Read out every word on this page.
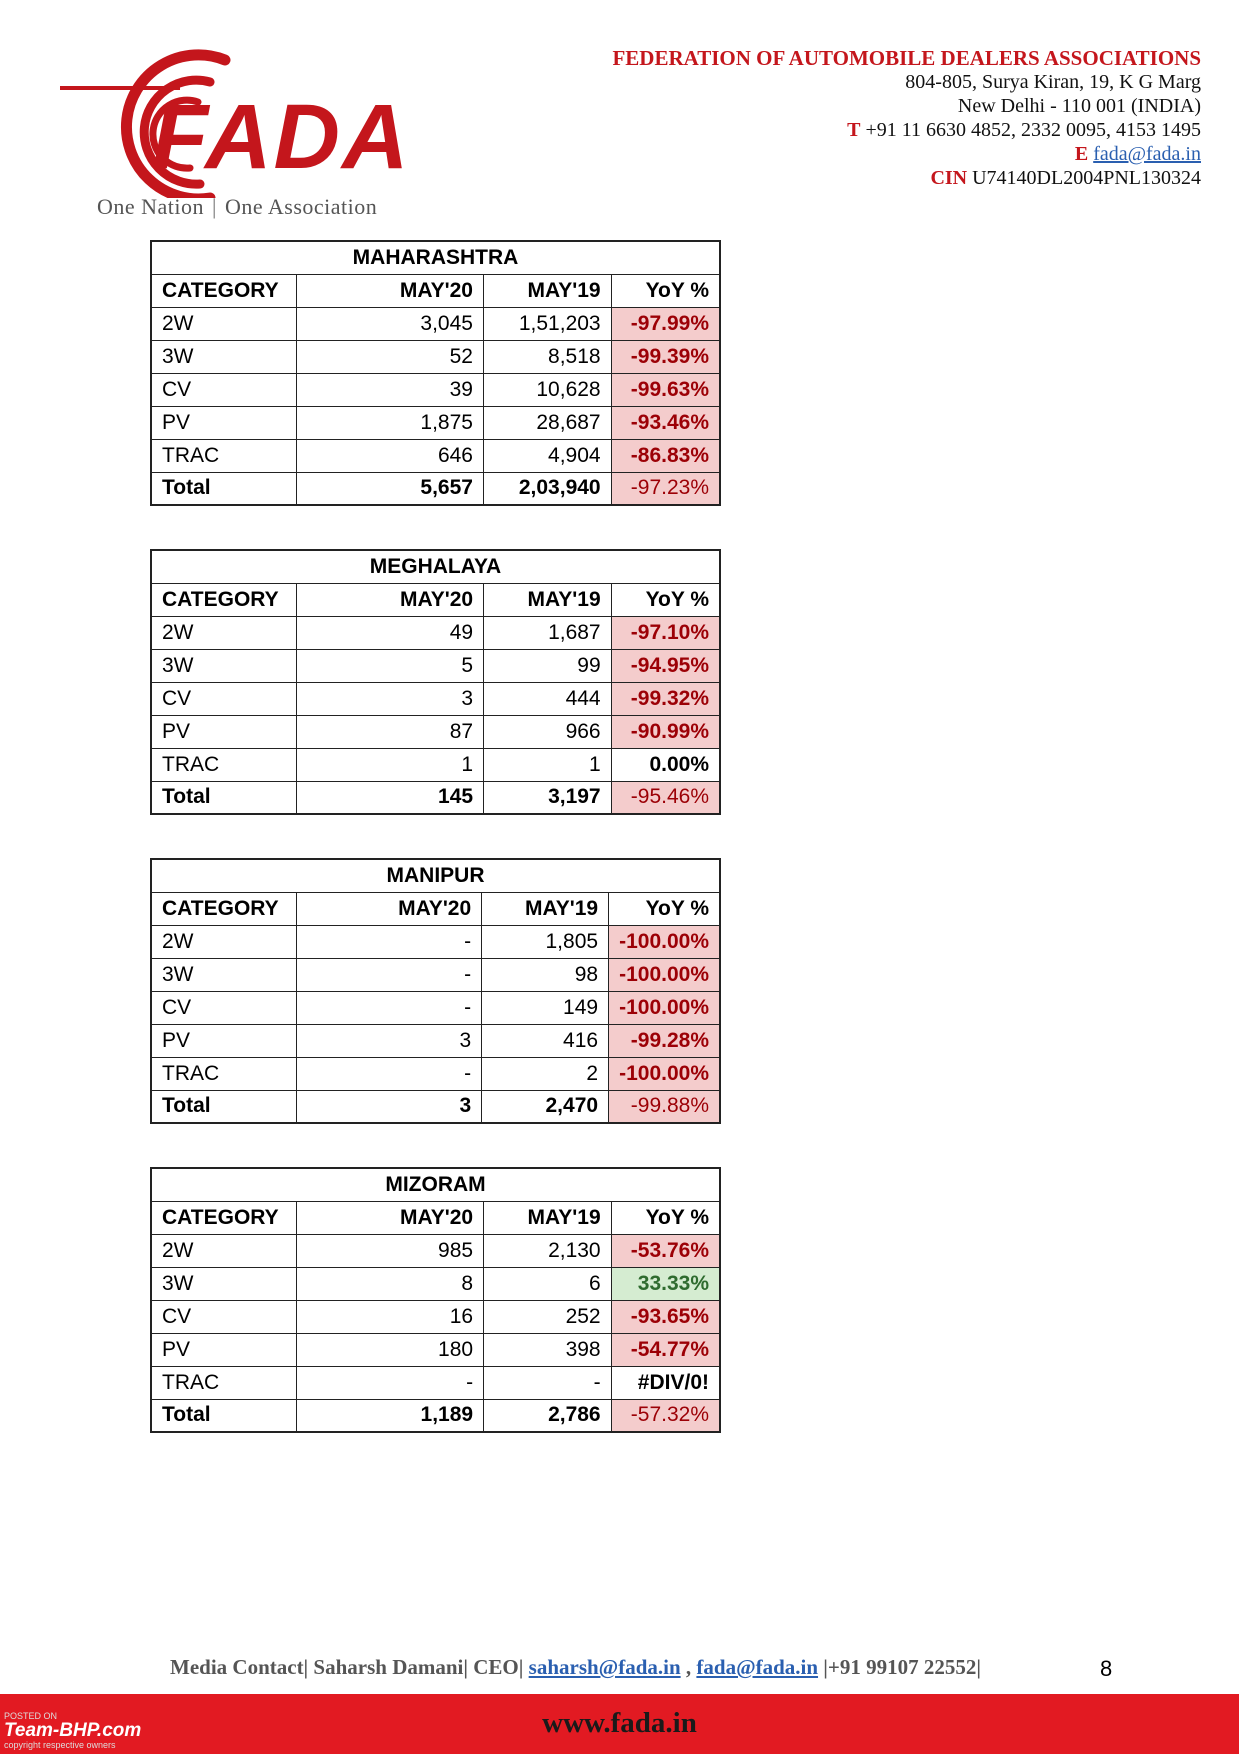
FADA
One Nation | One Association
FEDERATION OF AUTOMOBILE DEALERS ASSOCIATIONS
804-805, Surya Kiran, 19, K G Marg
New Delhi - 110 001 (INDIA)
T +91 11 6630 4852, 2332 0095, 4153 1495
E fada@fada.in
CIN U74140DL2004PNL130324
MAHARASHTRA			
CATEGORY	MAY'20	MAY'19	YoY %
2W	3,045	1,51,203	-97.99%
3W	52	8,518	-99.39%
CV	39	10,628	-99.63%
PV	1,875	28,687	-93.46%
TRAC	646	4,904	-86.83%
Total	5,657	2,03,940	-97.23%
MEGHALAYA			
CATEGORY	MAY'20	MAY'19	YoY %
2W	49	1,687	-97.10%
3W	5	99	-94.95%
CV	3	444	-99.32%
PV	87	966	-90.99%
TRAC	1	1	0.00%
Total	145	3,197	-95.46%
MANIPUR			
CATEGORY	MAY'20	MAY'19	YoY %
2W	-	1,805	-100.00%
3W	-	98	-100.00%
CV	-	149	-100.00%
PV	3	416	-99.28%
TRAC	-	2	-100.00%
Total	3	2,470	-99.88%
MIZORAM			
CATEGORY	MAY'20	MAY'19	YoY %
2W	985	2,130	-53.76%
3W	8	6	33.33%
CV	16	252	-93.65%
PV	180	398	-54.77%
TRAC	-	-	#DIV/0!
Total	1,189	2,786	-57.32%
Media Contact| Saharsh Damani| CEO| saharsh@fada.in , fada@fada.in |+91 99107 22552|	8
www.fada.in
POSTED ON
Team-BHP.com
copyright respective owners
